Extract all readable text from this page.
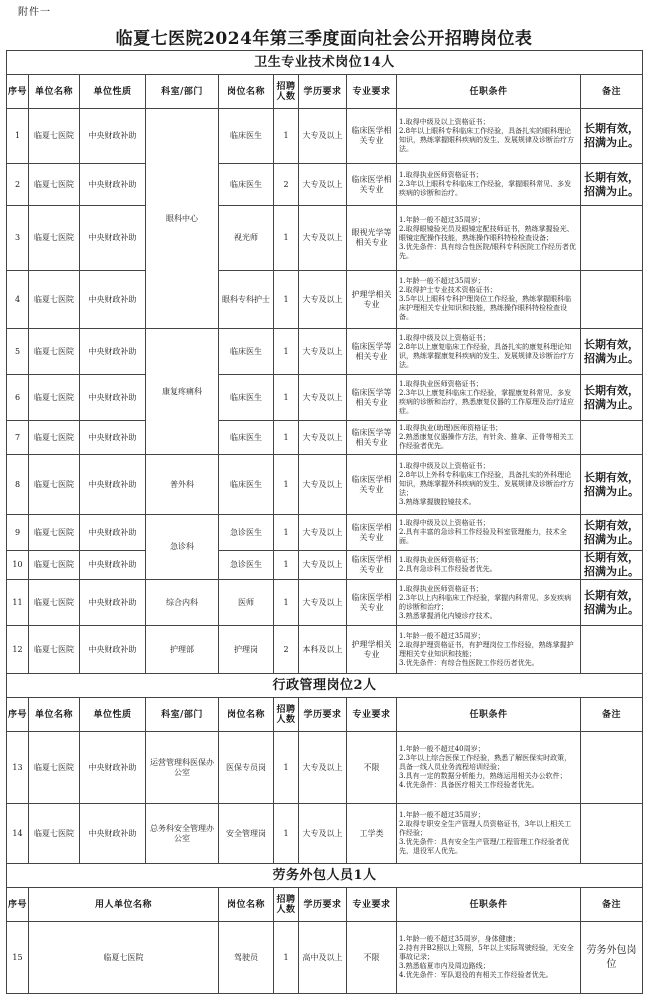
附件一
临夏七医院2024年第三季度面向社会公开招聘岗位表
卫生专业技术岗位14人									
序号	单位名称	单位性质	科室/部门	岗位名称	招聘人数	学历要求	专业要求	任职条件	备注
1	临夏七医院	中央财政补助	眼科中心	临床医生	1	大专及以上	临床医学相关专业	1.取得中级及以上资格证书；
2.8年以上眼科专科临床工作经验，具备扎实的眼科理论知识，熟练掌握眼科疾病的发生、发展规律及诊断治疗方法。	长期有效，招满为止。
2	临夏七医院	中央财政补助		临床医生	2	大专及以上	临床医学相关专业	1.取得执业医师资格证书；
2.3年以上眼科专科临床工作经验，掌握眼科常见、多发疾病的诊断和治疗。	长期有效，招满为止。
3	临夏七医院	中央财政补助		视光师	1	大专及以上	眼视光学等相关专业	1.年龄一般不超过35周岁；
2.取得眼镜验光员及眼镜定配技师证书，熟练掌握验光、眼镜定配操作技能，熟练操作眼科特检检查设备；
3.优先条件：具有综合性医院/眼科专科医院工作经历者优先。	

4	临夏七医院	中央财政补助		眼科专科护士	1	大专及以上	护理学相关专业	1.年龄一般不超过35周岁；
2.取得护士专业技术资格证书；
3.5年以上眼科专科护理岗位工作经验，熟练掌握眼科临床护理相关专业知识和技能，熟练操作眼科特检检查设备。	

5	临夏七医院	中央财政补助	康复疼痛科	临床医生	1	大专及以上	临床医学等相关专业	1.取得中级及以上资格证书；
2.8年以上康复临床工作经验，具备扎实的康复科理论知识，熟练掌握康复科疾病的发生、发展规律及诊断治疗方法。	长期有效，招满为止。
6	临夏七医院	中央财政补助		临床医生	1	大专及以上	临床医学等相关专业	1.取得执业医师资格证书；
2.3年以上康复科临床工作经验，掌握康复科常见、多发疾病的诊断和治疗，熟悉康复仪器的工作原理及治疗适应症。	长期有效，招满为止。
7	临夏七医院	中央财政补助		临床医生	1	大专及以上	临床医学等相关专业	1.取得执业(助理)医师资格证书；
2.熟悉康复仪器操作方法，有针灸、推拿、正骨等相关工作经验者优先。	

8	临夏七医院	中央财政补助	普外科	临床医生	1	大专及以上	临床医学相关专业	1.取得中级及以上资格证书；
2.8年以上外科专科临床工作经验，具备扎实的外科理论知识，熟练掌握外科疾病的发生、发展规律及诊断治疗方法；
3.熟练掌握腹腔镜技术。	长期有效，招满为止。
9	临夏七医院	中央财政补助	急诊科	急诊医生	1	大专及以上	临床医学相关专业	1.取得中级及以上资格证书；
2.具有丰富的急诊科工作经验及科室管理能力，技术全面。	长期有效，招满为止。
10	临夏七医院	中央财政补助		急诊医生	1	大专及以上	临床医学相关专业	1.取得执业医师资格证书；
2.具有急诊科工作经验者优先。	长期有效，招满为止。
11	临夏七医院	中央财政补助	综合内科	医师	1	大专及以上	临床医学相关专业	1.取得执业医师资格证书；
2.3年以上内科临床工作经验，掌握内科常见、多发疾病的诊断和治疗；
3.熟悉掌握消化内镜诊疗技术。	长期有效，招满为止。
12	临夏七医院	中央财政补助	护理部	护理岗	2	本科及以上	护理学相关专业	1.年龄一般不超过35周岁；
2.取得护理资格证书，有护理岗位工作经验，熟练掌握护理相关专业知识和技能；
3.优先条件：有综合性医院工作经历者优先。	

行政管理岗位2人									
序号	单位名称	单位性质	科室/部门	岗位名称	招聘人数	学历要求	专业要求	任职条件	备注
13	临夏七医院	中央财政补助	运营管理科医保办公室	医保专员岗	1	大专及以上	不限	1.年龄一般不超过40周岁；
2.3年以上综合医保工作经验，熟悉了解医保实时政策，具备一线人员业务流程培训经验；
3.具有一定的数据分析能力，熟练运用相关办公软件；
4.优先条件：具备医疗相关工作经验者优先。	

14	临夏七医院	中央财政补助	总务科安全管理办公室	安全管理岗	1	大专及以上	工学类	1.年龄一般不超过35周岁；
2.取得专职安全生产管理人员资格证书，3年以上相关工作经验；
3.优先条件：具有安全生产管理/工程管理工作经验者优先，退役军人优先。	

劳务外包人员1人									
序号	用人单位名称			岗位名称	招聘人数	学历要求	专业要求	任职条件	备注
15	临夏七医院			驾驶员	1	高中及以上	不限	1.年龄一般不超过35周岁，身体健康；
2.持有并B2照以上驾照，5年以上实际驾驶经验，无安全事故记录；
3.熟悉临夏市内及周边路线；
4.优先条件：军队退役的有相关工作经验者优先。	劳务外包岗位
